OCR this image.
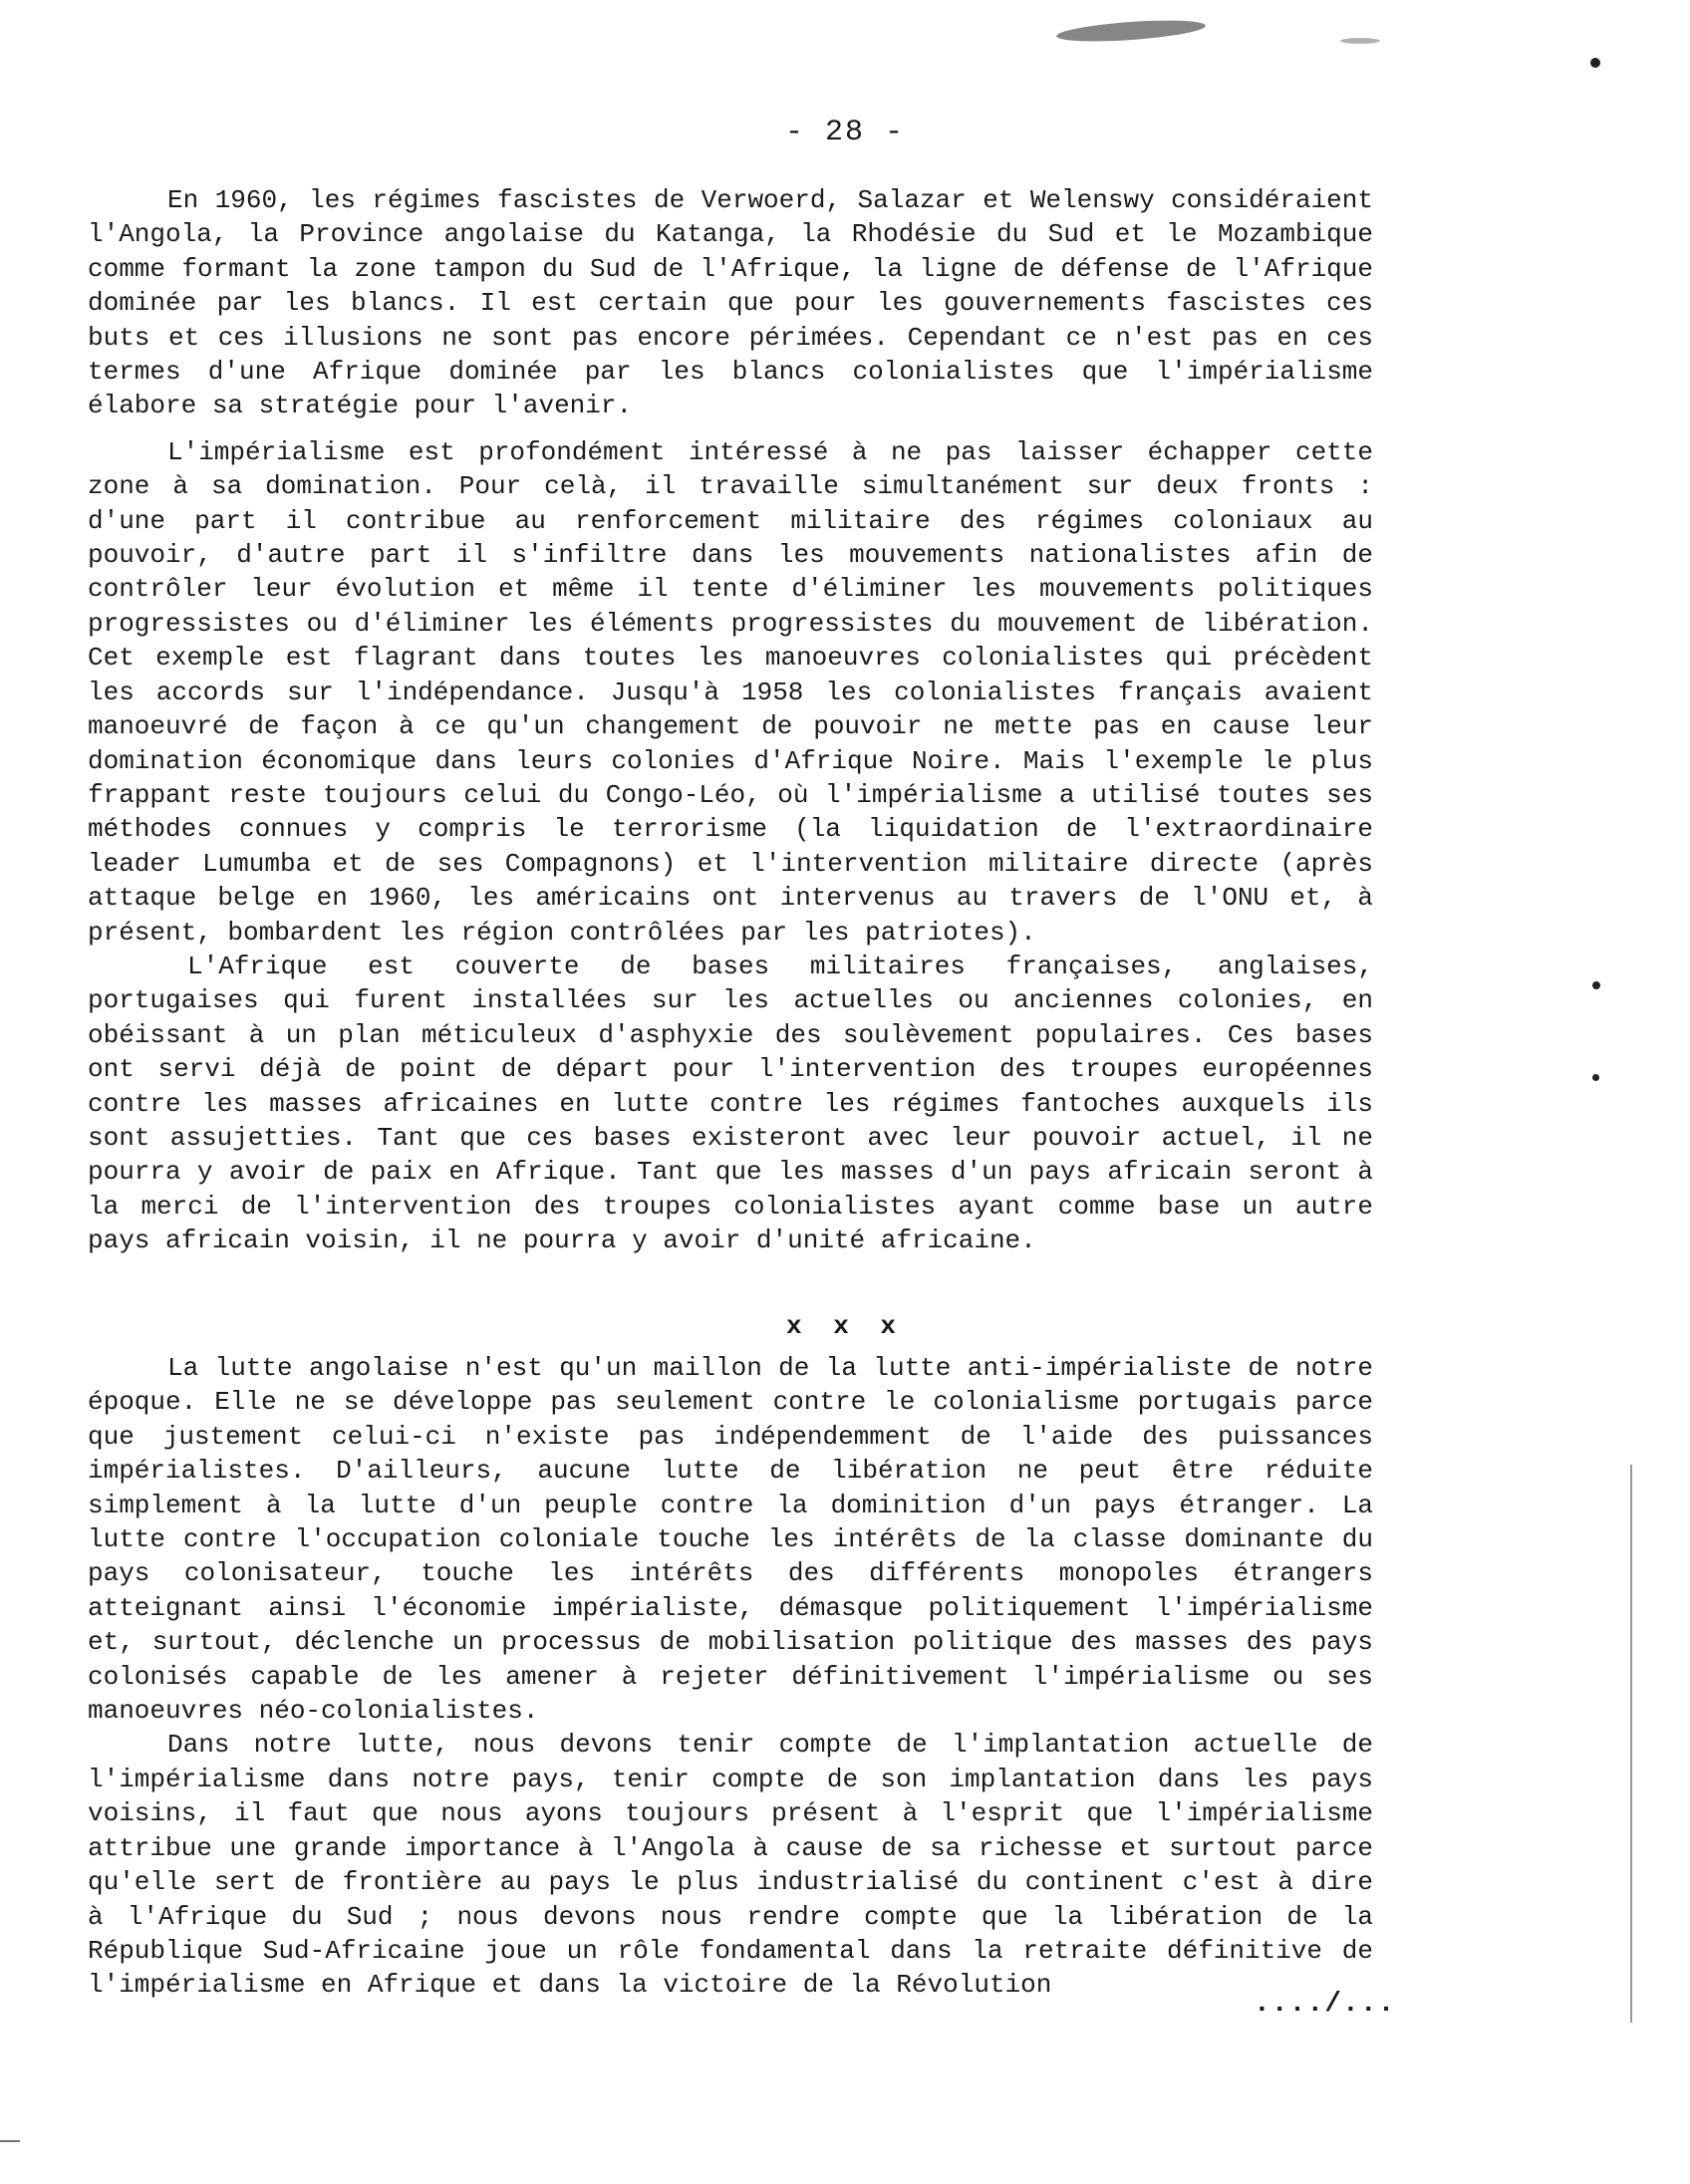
- 28 -

En 1960, les régimes fascistes de Verwoerd, Salazar et Welenswy considéraient l'Angola, la Province angolaise du Katanga, la Rhodésie du Sud et le Mozambique comme formant la zone tampon du Sud de l'Afrique, la ligne de défense de l'Afrique dominée par les blancs. Il est certain que pour les gouvernements fascistes ces buts et ces illusions ne sont pas encore périmées. Cependant ce n'est pas en ces termes d'une Afrique dominée par les blancs colonialistes que l'impérialisme élabore sa stratégie pour l'avenir.

L'impérialisme est profondément intéressé à ne pas laisser échapper cette zone à sa domination. Pour celà, il travaille simultanément sur deux fronts : d'une part il contribue au renforcement militaire des régimes coloniaux au pouvoir, d'autre part il s'infiltre dans les mouvements nationalistes afin de contrôler leur évolution et même il tente d'éliminer les mouvements politiques progressistes ou d'éliminer les éléments progressistes du mouvement de libération. Cet exemple est flagrant dans toutes les manoeuvres colonialistes qui précèdent les accords sur l'indépendance. Jusqu'à 1958 les colonialistes français avaient manoeuvré de façon à ce qu'un changement de pouvoir ne mette pas en cause leur domination économique dans leurs colonies d'Afrique Noire. Mais l'exemple le plus frappant reste toujours celui du Congo-Léo, où l'impérialisme a utilisé toutes ses méthodes connues y compris le terrorisme (la liquidation de l'extraordinaire leader Lumumba et de ses Compagnons) et l'intervention militaire directe (après attaque belge en 1960, les américains ont intervenus au travers de l'ONU et, à présent, bombardent les région contrôlées par les patriotes).

L'Afrique est couverte de bases militaires françaises, anglaises, portugaises qui furent installées sur les actuelles ou anciennes colonies, en obéissant à un plan méticuleux d'asphyxie des soulèvement populaires. Ces bases ont servi déjà de point de départ pour l'intervention des troupes européennes contre les masses africaines en lutte contre les régimes fantoches auxquels ils sont assujetties. Tant que ces bases existeront avec leur pouvoir actuel, il ne pourra y avoir de paix en Afrique. Tant que les masses d'un pays africain seront à la merci de l'intervention des troupes colonialistes ayant comme base un autre pays africain voisin, il ne pourra y avoir d'unité africaine.

x x x

La lutte angolaise n'est qu'un maillon de la lutte anti-impérialiste de notre époque. Elle ne se développe pas seulement contre le colonialisme portugais parce que justement celui-ci n'existe pas indépendemment de l'aide des puissances impérialistes. D'ailleurs, aucune lutte de libération ne peut être réduite simplement à la lutte d'un peuple contre la dominition d'un pays étranger. La lutte contre l'occupation coloniale touche les intérêts de la classe dominante du pays colonisateur, touche les intérêts des différents monopoles étrangers atteignant ainsi l'économie impérialiste, démasque politiquement l'impérialisme et, surtout, déclenche un processus de mobilisation politique des masses des pays colonisés capable de les amener à rejeter définitivement l'impérialisme ou ses manoeuvres néo-colonialistes.

Dans notre lutte, nous devons tenir compte de l'implantation actuelle de l'impérialisme dans notre pays, tenir compte de son implantation dans les pays voisins, il faut que nous ayons toujours présent à l'esprit que l'impérialisme attribue une grande importance à l'Angola à cause de sa richesse et surtout parce qu'elle sert de frontière au pays le plus industrialisé du continent c'est à dire à l'Afrique du Sud ; nous devons nous rendre compte que la libération de la République Sud-Africaine joue un rôle fondamental dans la retraite définitive de l'impérialisme en Afrique et dans la victoire de la Révolution

..../...
